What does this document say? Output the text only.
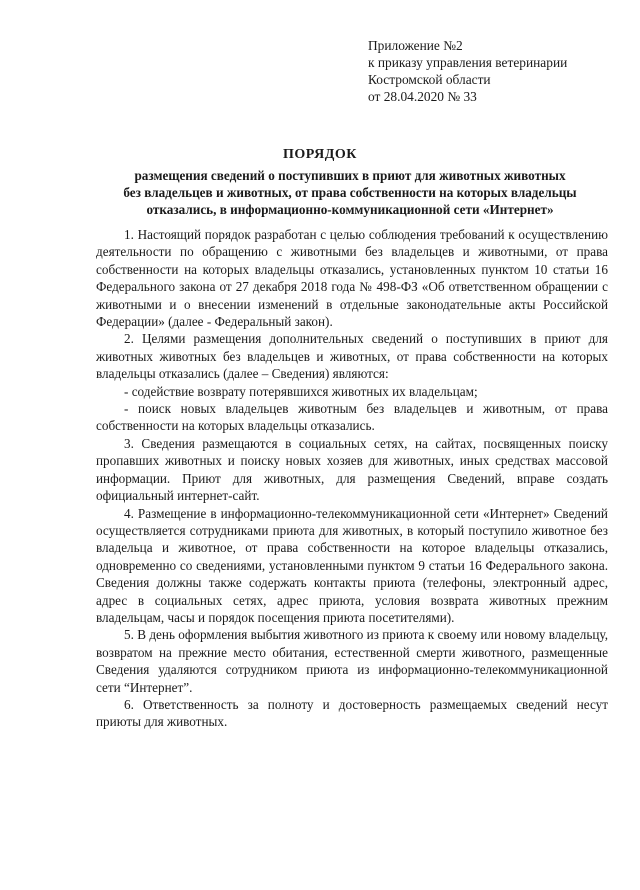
Приложение №2
к приказу управления ветеринарии
Костромской области
от 28.04.2020 № 33
ПОРЯДОК
размещения сведений о поступивших в приют для животных животных
без владельцев и животных, от права собственности на которых владельцы
отказались, в информационно-коммуникационной сети «Интернет»

1. Настоящий порядок разработан с целью соблюдения требований к осуществлению деятельности по обращению с животными без владельцев и животными, от права собственности на которых владельцы отказались, установленных пунктом 10 статьи 16 Федерального закона от 27 декабря 2018 года № 498-ФЗ «Об ответственном обращении с животными и о внесении изменений в отдельные законодательные акты Российской Федерации» (далее - Федеральный закон).

2. Целями размещения дополнительных сведений о поступивших в приют для животных животных без владельцев и животных, от права собственности на которых владельцы отказались (далее – Сведения) являются:

- содействие возврату потерявшихся животных их владельцам;

- поиск новых владельцев животным без владельцев и животным, от права собственности на которых владельцы отказались.

3. Сведения размещаются в социальных сетях, на сайтах, посвященных поиску пропавших животных и поиску новых хозяев для животных, иных средствах массовой информации. Приют для животных, для размещения Сведений, вправе создать официальный интернет-сайт.

4. Размещение в информационно-телекоммуникационной сети «Интернет» Сведений осуществляется сотрудниками приюта для животных, в который поступило животное без владельца и животное, от права собственности на которое владельцы отказались, одновременно со сведениями, установленными пунктом 9 статьи 16 Федерального закона. Сведения должны также содержать контакты приюта (телефоны, электронный адрес, адрес в социальных сетях, адрес приюта, условия возврата животных прежним владельцам, часы и порядок посещения приюта посетителями).

5. В день оформления выбытия животного из приюта к своему или новому владельцу, возвратом на прежние место обитания, естественной смерти животного, размещенные Сведения удаляются сотрудником приюта из информационно-телекоммуникационной сети “Интернет”.

6. Ответственность за полноту и достоверность размещаемых сведений несут приюты для животных.
